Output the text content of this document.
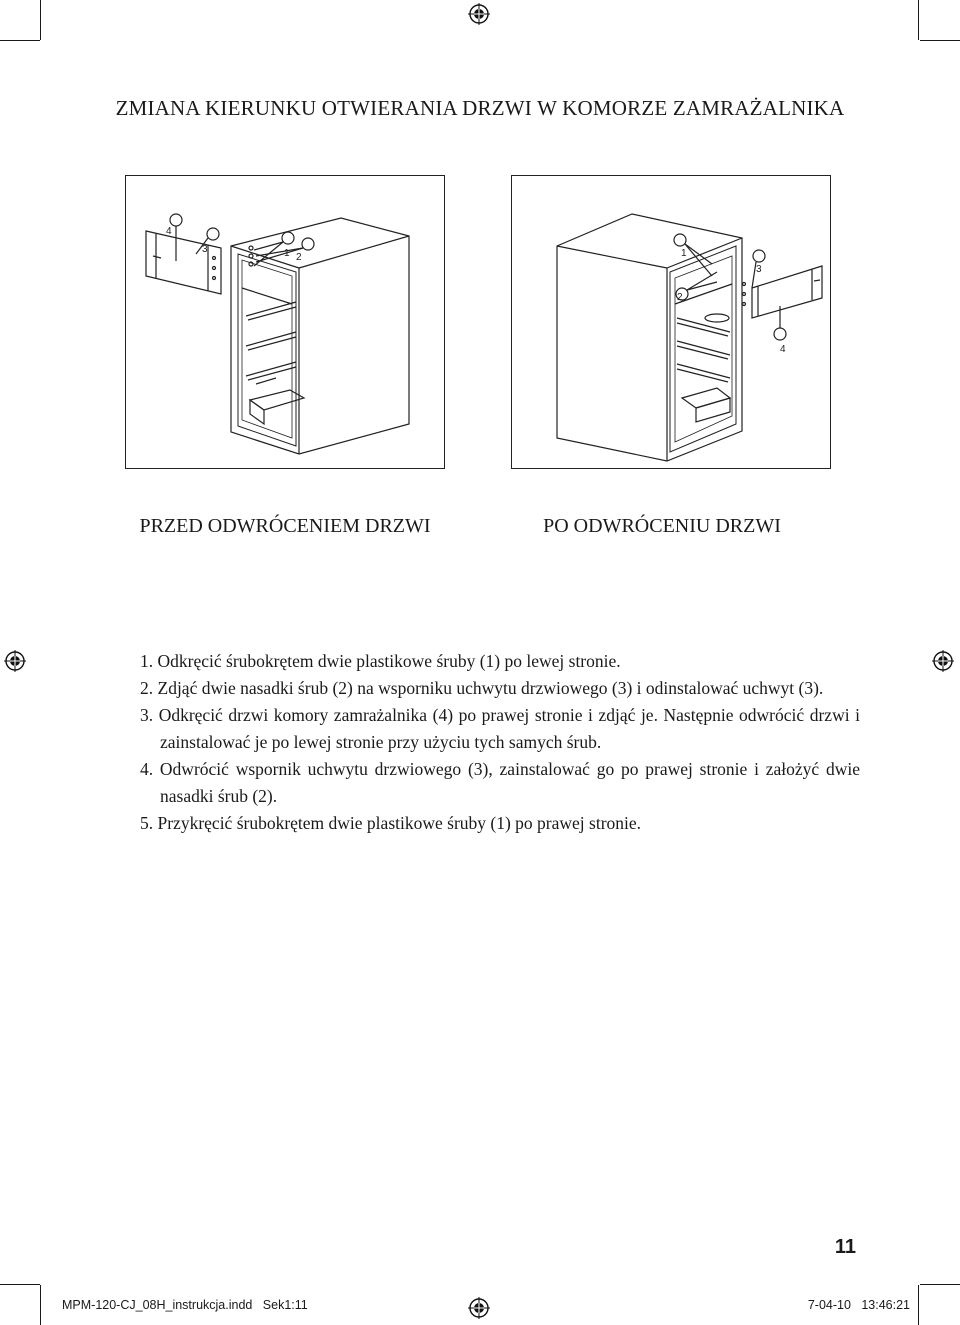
ZMIANA KIERUNKU OTWIERANIA DRZWI W KOMORZE ZAMRAŻALNIKA
4
3	1 2	1
2
3
4
PRZED ODWRÓCENIEM DRZWI	PO ODWRÓCENIU DRZWI
1. Odkręcić śrubokrętem dwie plastikowe śruby (1) po lewej stronie.
2. Zdjąć dwie nasadki śrub (2) na wsporniku uchwytu drzwiowego (3) i odinstalować uchwyt (3).
3. Odkręcić drzwi komory zamrażalnika (4) po prawej stronie i zdjąć je. Następnie odwrócić drzwi i zainstalować je po lewej stronie przy użyciu tych samych śrub.
4. Odwrócić wspornik uchwytu drzwiowego (3), zainstalować go po prawej stronie i założyć dwie nasadki śrub (2).
5. Przykręcić śrubokrętem dwie plastikowe śruby (1) po prawej stronie.
11
MPM-120-CJ_08H_instrukcja.indd   Sek1:11	7-04-10   13:46:21
